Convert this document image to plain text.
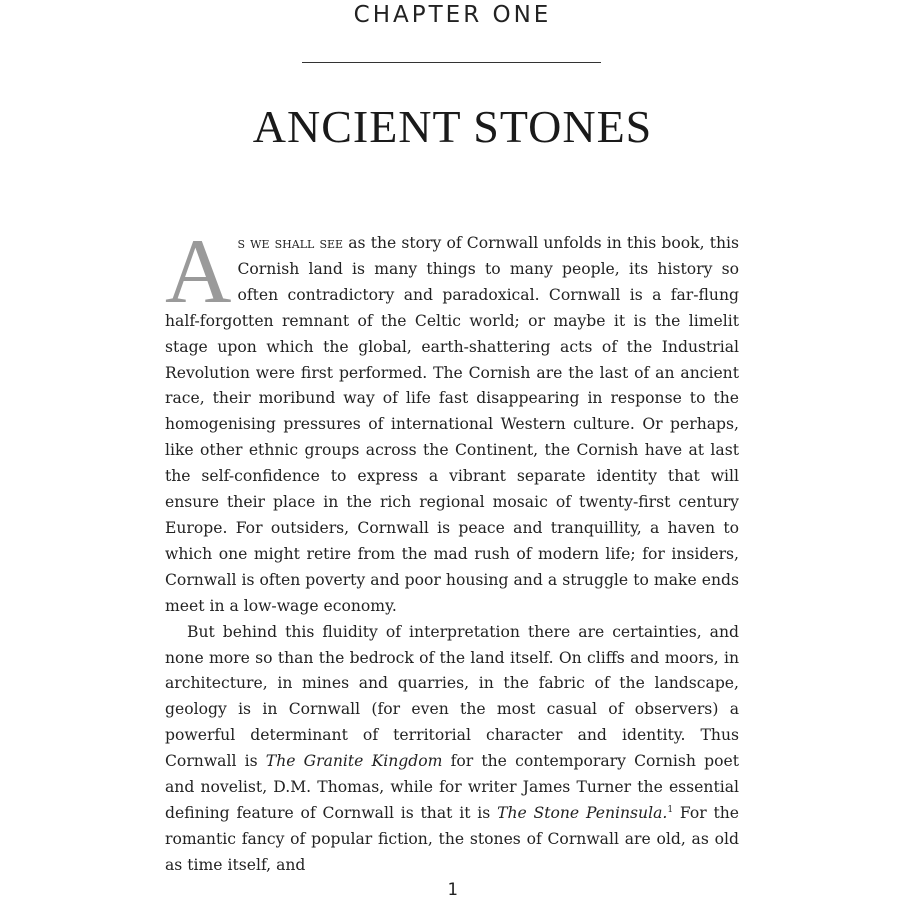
CHAPTER ONE
ANCIENT STONES

As we shall see as the story of Cornwall unfolds in this book, this Cornish land is many things to many people, its history so often contradictory and paradoxical. Cornwall is a far-flung half-forgotten remnant of the Celtic world; or maybe it is the limelit stage upon which the global, earth-shattering acts of the Industrial Revolution were first performed. The Cornish are the last of an ancient race, their moribund way of life fast disappearing in response to the homogenising pressures of international Western culture. Or perhaps, like other ethnic groups across the Continent, the Cornish have at last the self-confidence to express a vibrant separate identity that will ensure their place in the rich regional mosaic of twenty-first century Europe. For outsiders, Cornwall is peace and tranquillity, a haven to which one might retire from the mad rush of modern life; for insiders, Cornwall is often poverty and poor housing and a struggle to make ends meet in a low-wage economy.

But behind this fluidity of interpretation there are certainties, and none more so than the bedrock of the land itself. On cliffs and moors, in architecture, in mines and quarries, in the fabric of the landscape, geology is in Cornwall (for even the most casual of observers) a powerful determinant of territorial character and identity. Thus Cornwall is The Granite Kingdom for the contemporary Cornish poet and novelist, D.M. Thomas, while for writer James Turner the essential defining feature of Cornwall is that it is The Stone Peninsula.$^1$ For the romantic fancy of popular fiction, the stones of Cornwall are old, as old as time itself, and

1
